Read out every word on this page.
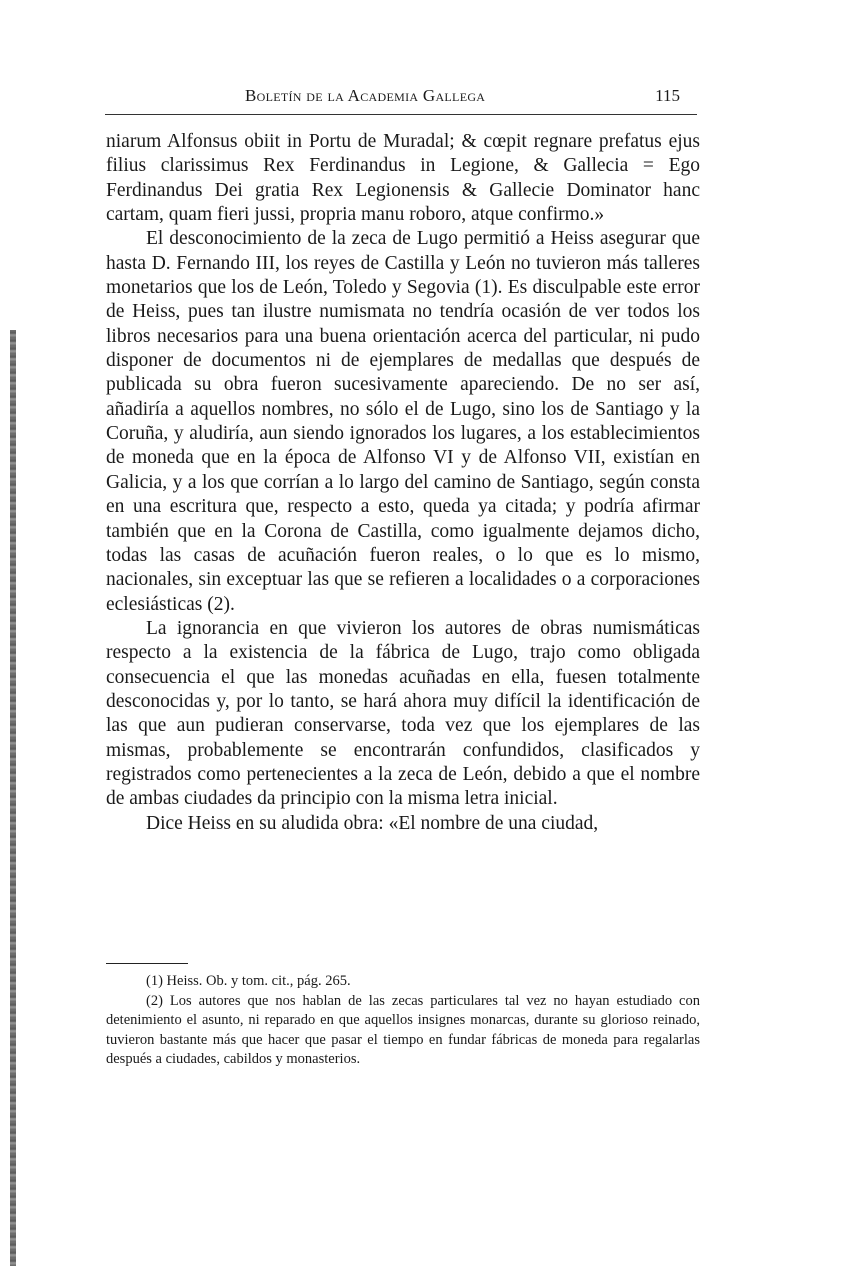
Boletín de la Academia Gallega	115

niarum Alfonsus obiit in Portu de Muradal; & cœpit regnare prefatus ejus filius clarissimus Rex Ferdinandus in Legione, & Gallecia = Ego Ferdinandus Dei gratia Rex Legionensis & Gallecie Dominator hanc cartam, quam fieri jussi, propria manu roboro, atque confirmo.»

El desconocimiento de la zeca de Lugo permitió a Heiss asegurar que hasta D. Fernando III, los reyes de Castilla y León no tuvieron más talleres monetarios que los de León, Toledo y Segovia (1). Es disculpable este error de Heiss, pues tan ilustre numismata no tendría ocasión de ver todos los libros necesarios para una buena orientación acerca del particular, ni pudo disponer de documentos ni de ejemplares de medallas que después de publicada su obra fueron sucesivamente apareciendo. De no ser así, añadiría a aquellos nombres, no sólo el de Lugo, sino los de Santiago y la Coruña, y aludiría, aun siendo ignorados los lugares, a los establecimientos de moneda que en la época de Alfonso VI y de Alfonso VII, existían en Galicia, y a los que corrían a lo largo del camino de Santiago, según consta en una escritura que, respecto a esto, queda ya citada; y podría afirmar también que en la Corona de Castilla, como igualmente dejamos dicho, todas las casas de acuñación fueron reales, o lo que es lo mismo, nacionales, sin exceptuar las que se refieren a localidades o a corporaciones eclesiásticas (2).

La ignorancia en que vivieron los autores de obras numismáticas respecto a la existencia de la fábrica de Lugo, trajo como obligada consecuencia el que las monedas acuñadas en ella, fuesen totalmente desconocidas y, por lo tanto, se hará ahora muy difícil la identificación de las que aun pudieran conservarse, toda vez que los ejemplares de las mismas, probablemente se encontrarán confundidos, clasificados y registrados como pertenecientes a la zeca de León, debido a que el nombre de ambas ciudades da principio con la misma letra inicial.

Dice Heiss en su aludida obra: «El nombre de una ciudad,

(1) Heiss. Ob. y tom. cit., pág. 265.

(2) Los autores que nos hablan de las zecas particulares tal vez no hayan estudiado con detenimiento el asunto, ni reparado en que aquellos insignes monarcas, durante su glorioso reinado, tuvieron bastante más que hacer que pasar el tiempo en fundar fábricas de moneda para regalarlas después a ciudades, cabildos y monasterios.
